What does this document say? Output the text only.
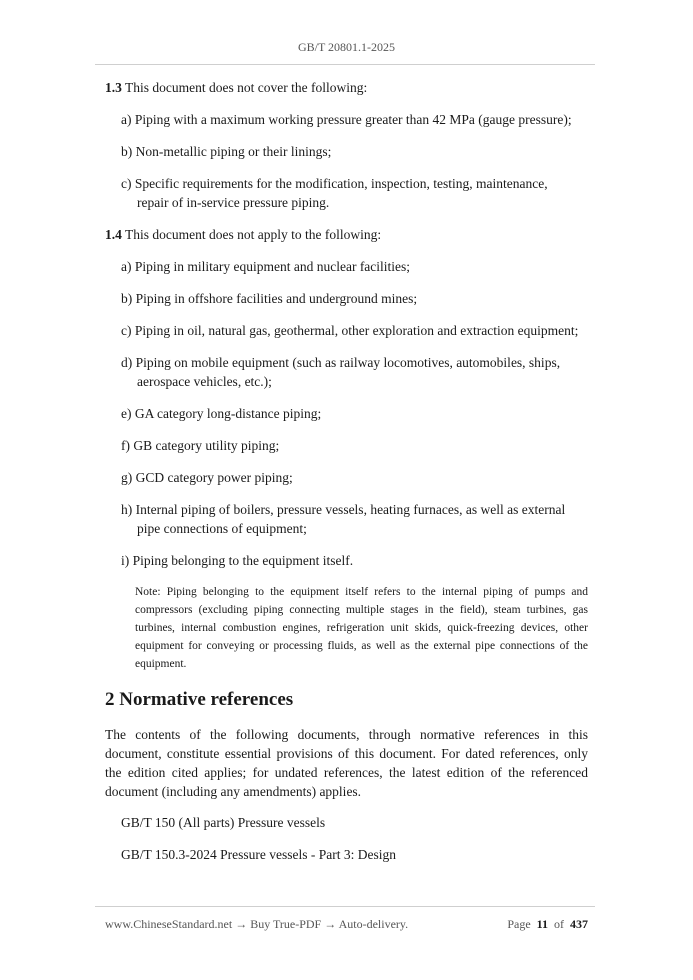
GB/T 20801.1-2025

1.3 This document does not cover the following:

a) Piping with a maximum working pressure greater than 42 MPa (gauge pressure);
b) Non-metallic piping or their linings;
c) Specific requirements for the modification, inspection, testing, maintenance,
repair of in-service pressure piping.

1.4 This document does not apply to the following:

a) Piping in military equipment and nuclear facilities;
b) Piping in offshore facilities and underground mines;
c) Piping in oil, natural gas, geothermal, other exploration and extraction equipment;
d) Piping on mobile equipment (such as railway locomotives, automobiles, ships,
aerospace vehicles, etc.);
e) GA category long-distance piping;
f) GB category utility piping;
g) GCD category power piping;
h) Internal piping of boilers, pressure vessels, heating furnaces, as well as external
pipe connections of equipment;
i) Piping belonging to the equipment itself.
Note: Piping belonging to the equipment itself refers to the internal piping of pumps and compressors (excluding piping connecting multiple stages in the field), steam turbines, gas turbines, internal combustion engines, refrigeration unit skids, quick-freezing devices, other equipment for conveying or processing fluids, as well as the external pipe connections of the equipment.
2 Normative references

The contents of the following documents, through normative references in this document, constitute essential provisions of this document. For dated references, only the edition cited applies; for undated references, the latest edition of the referenced document (including any amendments) applies.

GB/T 150 (All parts) Pressure vessels
GB/T 150.3-2024 Pressure vessels - Part 3: Design
www.ChineseStandard.net → Buy True-PDF → Auto-delivery.	Page 11 of 437
